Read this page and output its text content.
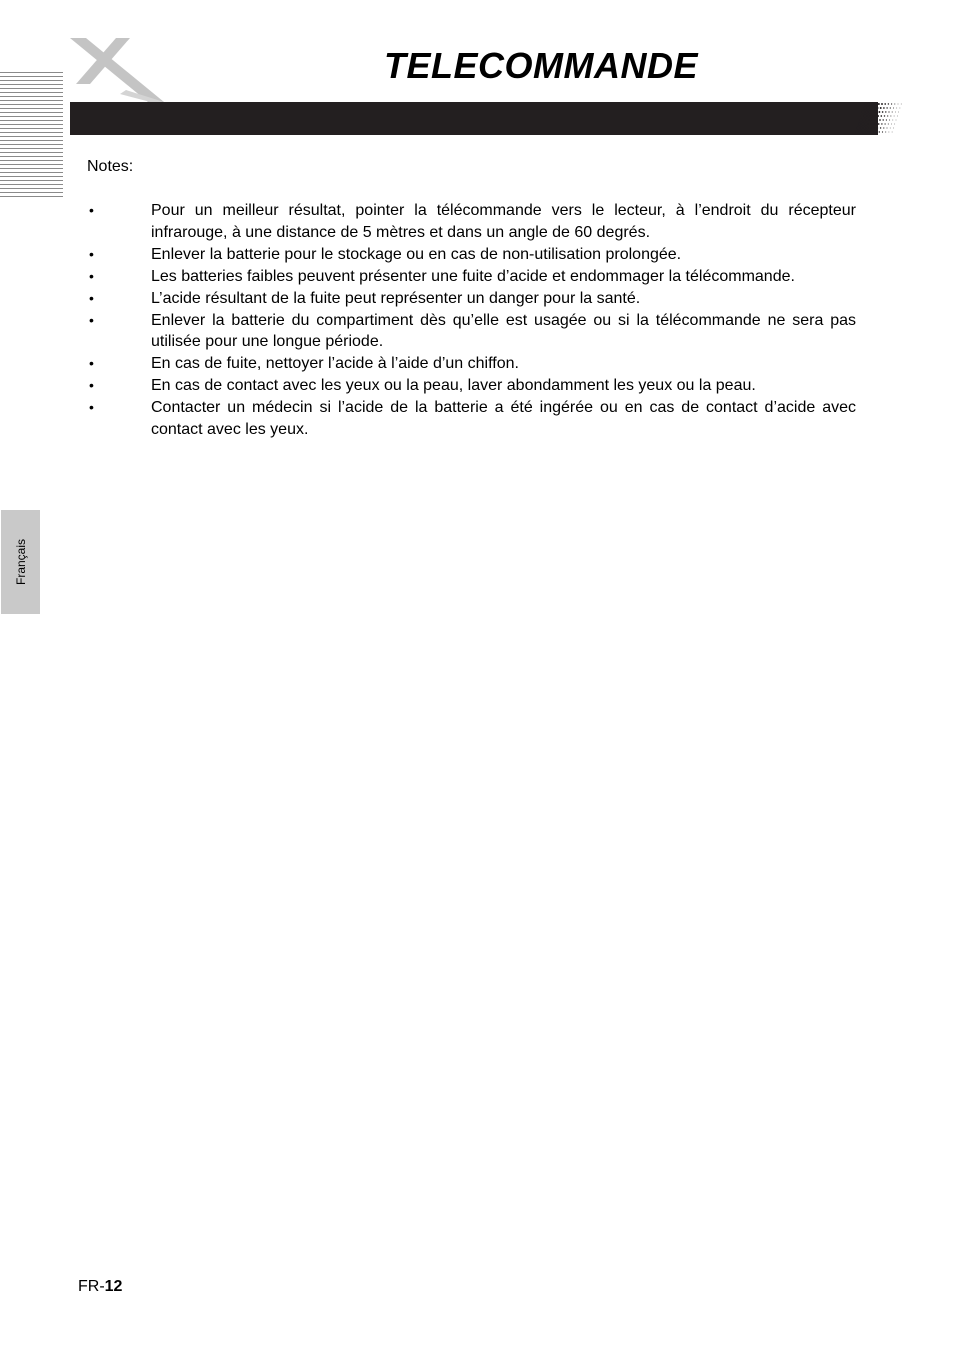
TELECOMMANDE
Notes:
•	Pour un meilleur résultat, pointer la télécommande vers le lecteur, à l’endroit du récepteur infrarouge, à une distance de 5 mètres et dans un angle de 60 degrés.
•	Enlever la batterie pour le stockage ou en cas de non-utilisation prolongée.
•	Les batteries faibles peuvent présenter une fuite d’acide et endommager la télécommande.
•	L’acide résultant de la fuite peut représenter un danger pour la santé.
•	Enlever la batterie du compartiment dès qu’elle est usagée ou si la télécommande ne sera pas utilisée pour une longue période.
•	En cas de fuite, nettoyer l’acide à l’aide d’un chiffon.
•	En cas de contact avec les yeux ou la peau, laver abondamment les yeux ou la peau.
•	Contacter un médecin si l’acide de la batterie a été ingérée ou en cas de contact d’acide avec contact avec les yeux.
Français
FR-12
